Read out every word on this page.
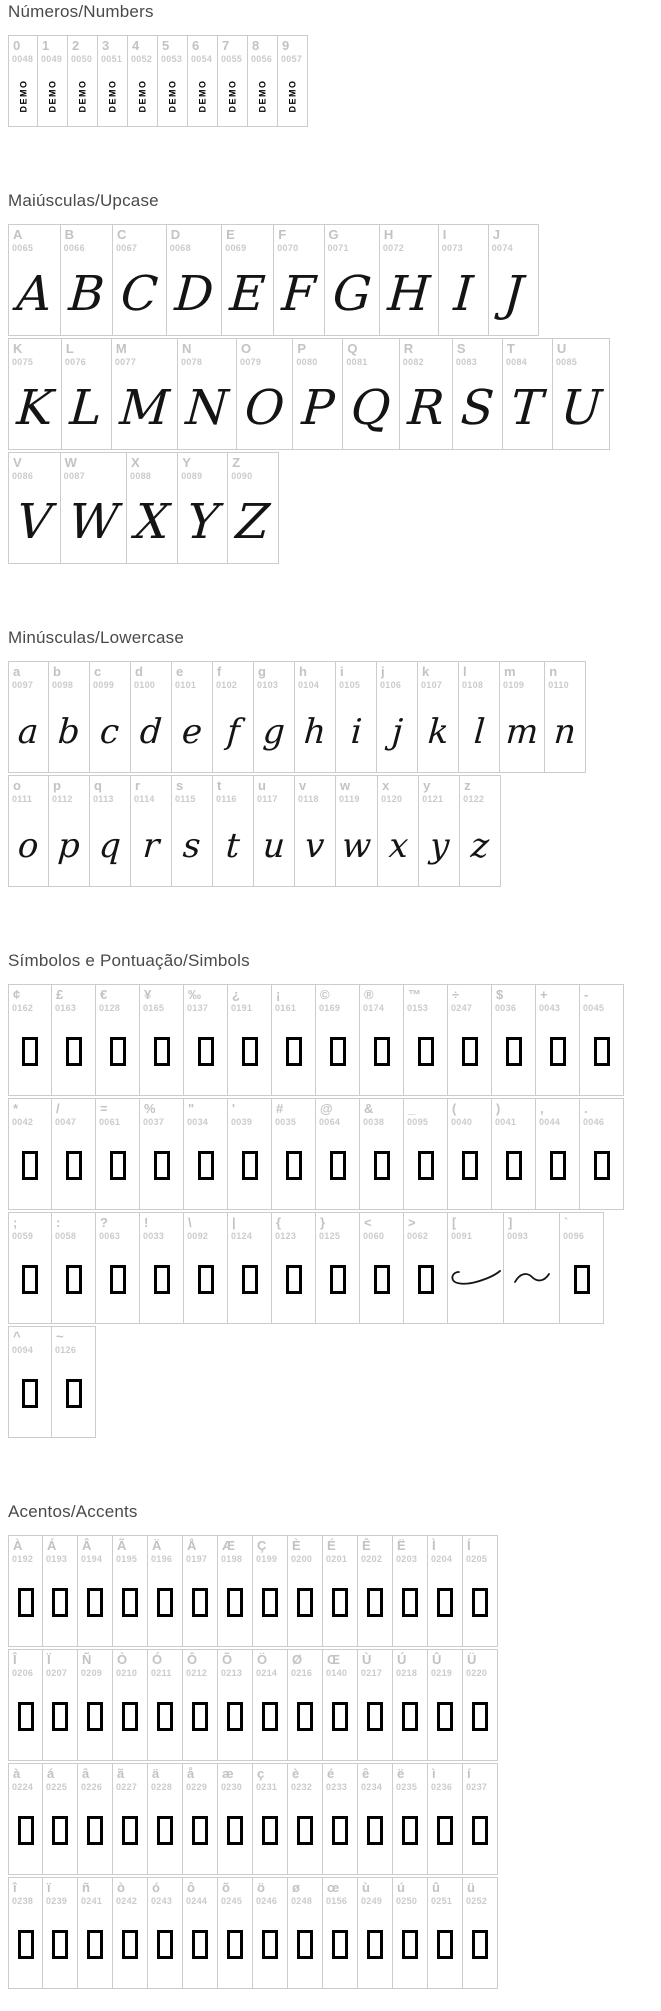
Números/Numbers
0
0048
DEMO
1
0049
DEMO
2
0050
DEMO
3
0051
DEMO
4
0052
DEMO
5
0053
DEMO
6
0054
DEMO
7
0055
DEMO
8
0056
DEMO
9
0057
DEMO
Maiúsculas/Upcase
A
0065
A
B
0066
B
C
0067
C
D
0068
D
E
0069
E
F
0070
F
G
0071
G
H
0072
H
I
0073
I
J
0074
J
K
0075
K
L
0076
L
M
0077
M
N
0078
N
O
0079
O
P
0080
P
Q
0081
Q
R
0082
R
S
0083
S
T
0084
T
U
0085
U
V
0086
V
W
0087
W
X
0088
X
Y
0089
Y
Z
0090
Z
Minúsculas/Lowercase
a
0097
a
b
0098
b
c
0099
c
d
0100
d
e
0101
e
f
0102
f
g
0103
g
h
0104
h
i
0105
i
j
0106
j
k
0107
k
l
0108
l
m
0109
m
n
0110
n
o
0111
o
p
0112
p
q
0113
q
r
0114
r
s
0115
s
t
0116
t
u
0117
u
v
0118
v
w
0119
w
x
0120
x
y
0121
y
z
0122
z
Símbolos e Pontuação/Simbols
¢
0162
£
0163
€
0128
¥
0165
‰
0137
¿
0191
¡
0161
©
0169
®
0174
™
0153
÷
0247
$
0036
+
0043
-
0045
*
0042
/
0047
=
0061
%
0037
"
0034
'
0039
#
0035
@
0064
&
0038
_
0095
(
0040
)
0041
,
0044
.
0046
;
0059
:
0058
?
0063
!
0033
\
0092
|
0124
{
0123
}
0125
<
0060
>
0062
[
0091
]
0093
`
0096
^
0094
~
0126
Acentos/Accents
À
0192
Á
0193
Â
0194
Ã
0195
Ä
0196
Å
0197
Æ
0198
Ç
0199
È
0200
É
0201
Ê
0202
Ë
0203
Ì
0204
Í
0205
Î
0206
Ï
0207
Ñ
0209
Ò
0210
Ó
0211
Ô
0212
Õ
0213
Ö
0214
Ø
0216
Œ
0140
Ù
0217
Ú
0218
Û
0219
Ü
0220
à
0224
á
0225
â
0226
ã
0227
ä
0228
å
0229
æ
0230
ç
0231
è
0232
é
0233
ê
0234
ë
0235
ì
0236
í
0237
î
0238
ï
0239
ñ
0241
ò
0242
ó
0243
ô
0244
õ
0245
ö
0246
ø
0248
œ
0156
ù
0249
ú
0250
û
0251
ü
0252
